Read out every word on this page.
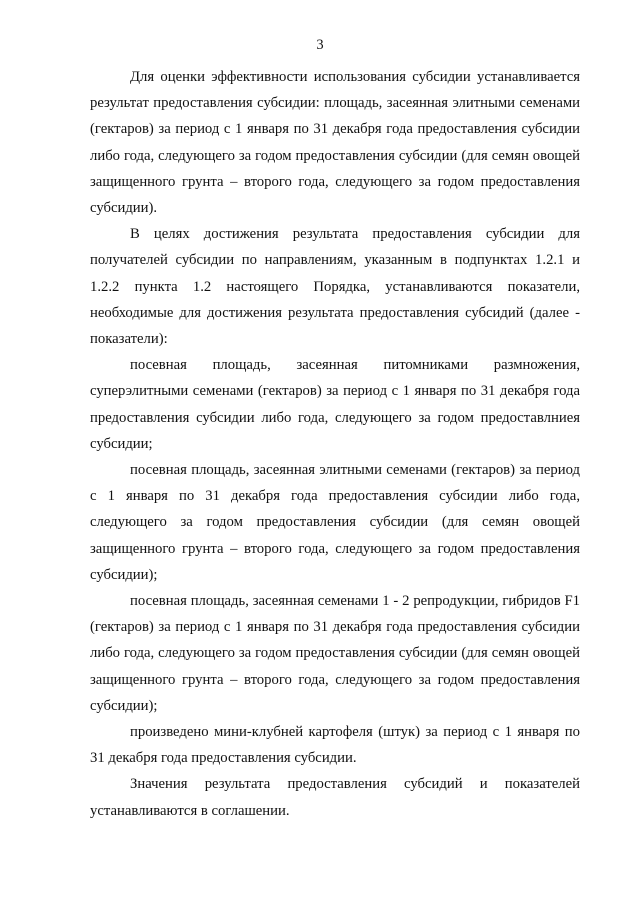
3

Для оценки эффективности использования субсидии устанавливается результат предоставления субсидии: площадь, засеянная элитными семенами (гектаров) за период с 1 января по 31 декабря года предоставления субсидии либо года, следующего за годом предоставления субсидии (для семян овощей защищенного грунта – второго года, следующего за годом предоставления субсидии).

В целях достижения результата предоставления субсидии для получателей субсидии по направлениям, указанным в подпунктах 1.2.1 и 1.2.2 пункта 1.2 настоящего Порядка, устанавливаются показатели, необходимые для достижения результата предоставления субсидий (далее - показатели):

посевная площадь, засеянная питомниками размножения, суперэлитными семенами (гектаров) за период с 1 января по 31 декабря года предоставления субсидии либо года, следующего за годом предоставлниея субсидии;

посевная площадь, засеянная элитными семенами (гектаров) за период с 1 января по 31 декабря года предоставления субсидии либо года, следующего за годом предоставления субсидии (для семян овощей защищенного грунта – второго года, следующего за годом предоставления субсидии);

посевная площадь, засеянная семенами 1 - 2 репродукции, гибридов F1 (гектаров) за период с 1 января по 31 декабря года предоставления субсидии либо года, следующего за годом предоставления субсидии (для семян овощей защищенного грунта – второго года, следующего за годом предоставления субсидии);

произведено мини-клубней картофеля (штук) за период с 1 января по 31 декабря года предоставления субсидии.

Значения результата предоставления субсидий и показателей устанавливаются в соглашении.
